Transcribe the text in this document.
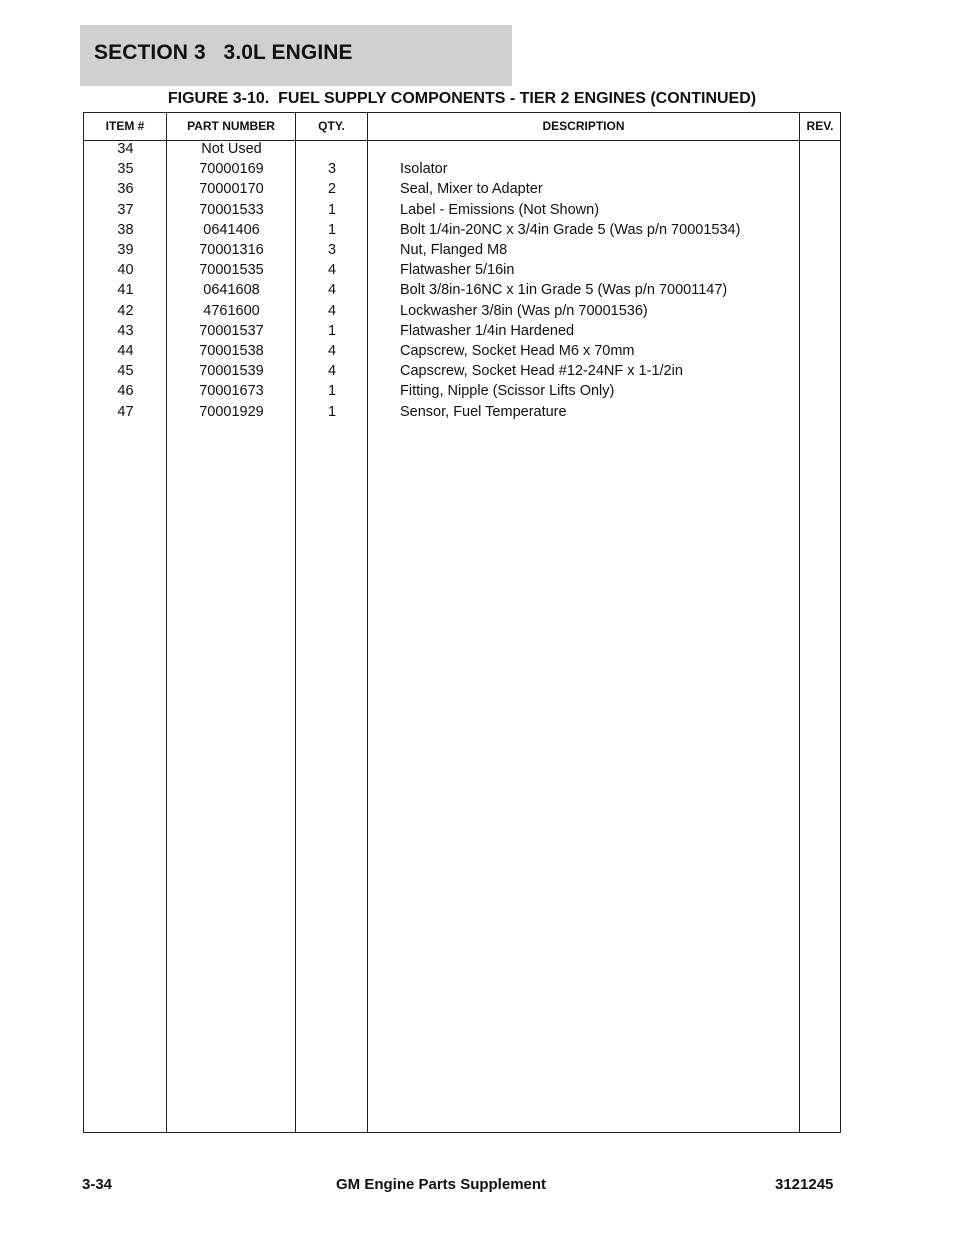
SECTION 3   3.0L ENGINE
FIGURE 3-10.  FUEL SUPPLY COMPONENTS - TIER 2 ENGINES (CONTINUED)
ITEM #	PART NUMBER	QTY.	DESCRIPTION	REV.
34	Not Used
35	70000169	3	Isolator
36	70000170	2	Seal, Mixer to Adapter
37	70001533	1	Label - Emissions (Not Shown)
38	0641406	1	Bolt 1/4in-20NC x 3/4in Grade 5 (Was p/n 70001534)
39	70001316	3	Nut, Flanged M8
40	70001535	4	Flatwasher 5/16in
41	0641608	4	Bolt 3/8in-16NC x 1in Grade 5 (Was p/n 70001147)
42	4761600	4	Lockwasher 3/8in (Was p/n 70001536)
43	70001537	1	Flatwasher 1/4in Hardened
44	70001538	4	Capscrew, Socket Head M6 x 70mm
45	70001539	4	Capscrew, Socket Head #12-24NF x 1-1/2in
46	70001673	1	Fitting, Nipple (Scissor Lifts Only)
47	70001929	1	Sensor, Fuel Temperature
3-34	GM Engine Parts Supplement	3121245
